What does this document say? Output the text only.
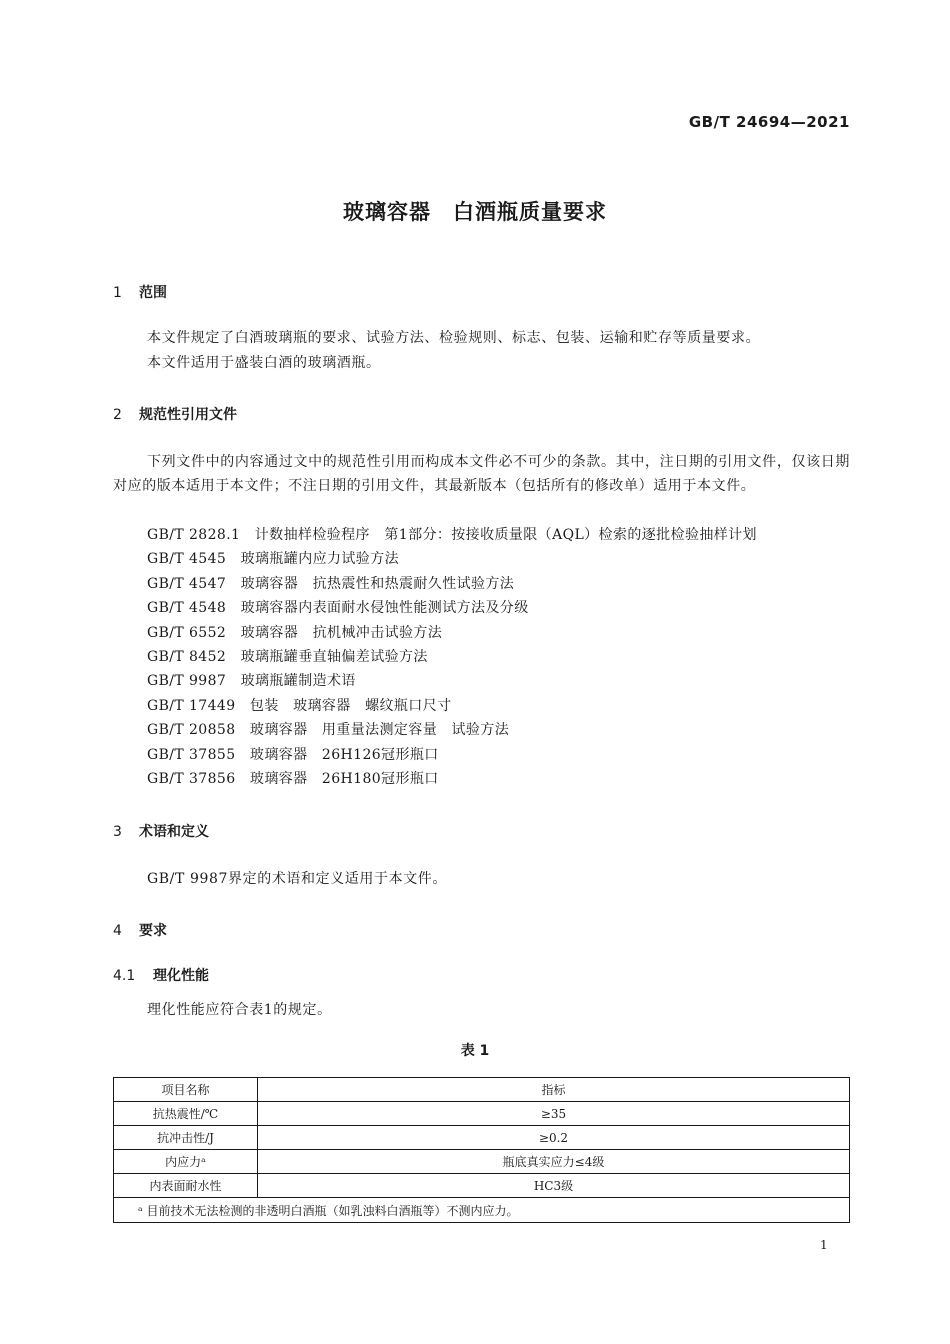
GB/T 24694—2021
玻璃容器　白酒瓶质量要求
1 范围

本文件规定了白酒玻璃瓶的要求、试验方法、检验规则、标志、包装、运输和贮存等质量要求。

本文件适用于盛装白酒的玻璃酒瓶。

2 规范性引用文件

下列文件中的内容通过文中的规范性引用而构成本文件必不可少的条款。其中，注日期的引用文件，仅该日期对应的版本适用于本文件；不注日期的引用文件，其最新版本（包括所有的修改单）适用于本文件。

GB/T 2828.1　计数抽样检验程序　第1部分：按接收质量限（AQL）检索的逐批检验抽样计划
GB/T 4545　玻璃瓶罐内应力试验方法
GB/T 4547　玻璃容器　抗热震性和热震耐久性试验方法
GB/T 4548　玻璃容器内表面耐水侵蚀性能测试方法及分级
GB/T 6552　玻璃容器　抗机械冲击试验方法
GB/T 8452　玻璃瓶罐垂直轴偏差试验方法
GB/T 9987　玻璃瓶罐制造术语
GB/T 17449　包装　玻璃容器　螺纹瓶口尺寸
GB/T 20858　玻璃容器　用重量法测定容量　试验方法
GB/T 37855　玻璃容器　26H126冠形瓶口
GB/T 37856　玻璃容器　26H180冠形瓶口
3 术语和定义

GB/T 9987界定的术语和定义适用于本文件。

4 要求
4.1 理化性能

理化性能应符合表1的规定。

表 1
项目名称	指标
抗热震性/℃	≥35
抗冲击性/J	≥0.2
内应力ᵃ	瓶底真实应力≤4级
内表面耐水性	HC3级
ᵃ 目前技术无法检测的非透明白酒瓶（如乳浊料白酒瓶等）不测内应力。	
1
